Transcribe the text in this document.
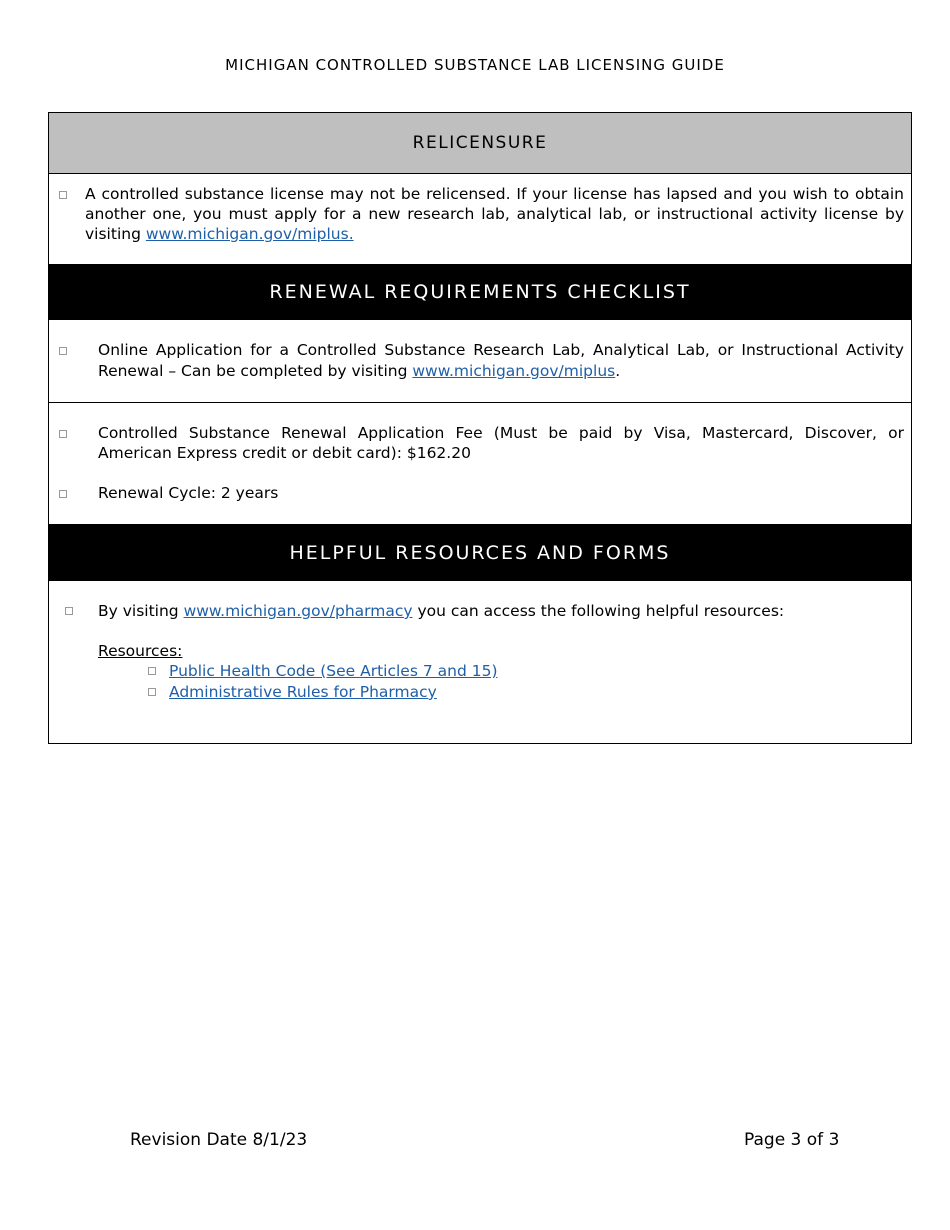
MICHIGAN CONTROLLED SUBSTANCE LAB LICENSING GUIDE
RELICENSURE
A controlled substance license may not be relicensed. If your license has lapsed and you wish to obtain another one, you must apply for a new research lab, analytical lab, or instructional activity license by visiting www.michigan.gov/miplus.
RENEWAL REQUIREMENTS CHECKLIST
Online Application for a Controlled Substance Research Lab, Analytical Lab, or Instructional Activity Renewal – Can be completed by visiting www.michigan.gov/miplus.
Controlled Substance Renewal Application Fee (Must be paid by Visa, Mastercard, Discover, or American Express credit or debit card): $162.20
Renewal Cycle: 2 years
HELPFUL RESOURCES AND FORMS
By visiting www.michigan.gov/pharmacy you can access the following helpful resources:
Resources:
Public Health Code (See Articles 7 and 15)
Administrative Rules for Pharmacy
Revision Date 8/1/23	Page 3 of 3
